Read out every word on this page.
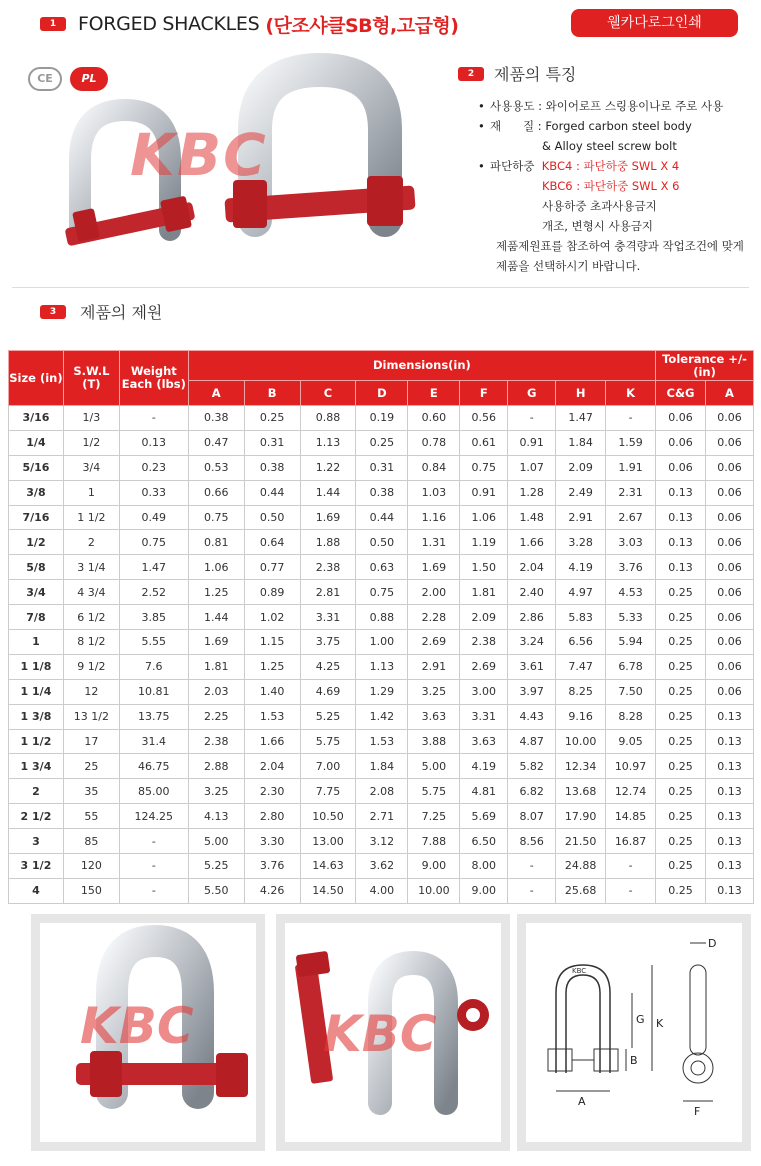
1	FORGED SHACKLES (단조샤클SB형,고급형)	웰카다로그인쇄
CE	PL
KBC
2	제품의 특징
• 사용용도 :
와이어로프 스링용이나로 주로 사용
• 재      질 :
Forged carbon steel body
& Alloy steel screw bolt
• 파단하중
KBC4 : 파단하중 SWL X 4
KBC6 : 파단하중 SWL X 6
사용하중 초과사용금지
개조, 변형시 사용금지
제품제원표를 참조하여 충격량과 작업조건에 맞게
제품을 선택하시기 바랍니다.
3	제품의 제원
Size (in)	S.W.L (T)	Weight Each (lbs)	Dimensions(in)									Tolerance +/- (in)	
			A	B	C	D	E	F	G	H	K	C&G	A
3/16	1/3	-	0.38	0.25	0.88	0.19	0.60	0.56	-	1.47	-	0.06	0.06
1/4	1/2	0.13	0.47	0.31	1.13	0.25	0.78	0.61	0.91	1.84	1.59	0.06	0.06
5/16	3/4	0.23	0.53	0.38	1.22	0.31	0.84	0.75	1.07	2.09	1.91	0.06	0.06
3/8	1	0.33	0.66	0.44	1.44	0.38	1.03	0.91	1.28	2.49	2.31	0.13	0.06
7/16	1 1/2	0.49	0.75	0.50	1.69	0.44	1.16	1.06	1.48	2.91	2.67	0.13	0.06
1/2	2	0.75	0.81	0.64	1.88	0.50	1.31	1.19	1.66	3.28	3.03	0.13	0.06
5/8	3 1/4	1.47	1.06	0.77	2.38	0.63	1.69	1.50	2.04	4.19	3.76	0.13	0.06
3/4	4 3/4	2.52	1.25	0.89	2.81	0.75	2.00	1.81	2.40	4.97	4.53	0.25	0.06
7/8	6 1/2	3.85	1.44	1.02	3.31	0.88	2.28	2.09	2.86	5.83	5.33	0.25	0.06
1	8 1/2	5.55	1.69	1.15	3.75	1.00	2.69	2.38	3.24	6.56	5.94	0.25	0.06
1 1/8	9 1/2	7.6	1.81	1.25	4.25	1.13	2.91	2.69	3.61	7.47	6.78	0.25	0.06
1 1/4	12	10.81	2.03	1.40	4.69	1.29	3.25	3.00	3.97	8.25	7.50	0.25	0.06
1 3/8	13 1/2	13.75	2.25	1.53	5.25	1.42	3.63	3.31	4.43	9.16	8.28	0.25	0.13
1 1/2	17	31.4	2.38	1.66	5.75	1.53	3.88	3.63	4.87	10.00	9.05	0.25	0.13
1 3/4	25	46.75	2.88	2.04	7.00	1.84	5.00	4.19	5.82	12.34	10.97	0.25	0.13
2	35	85.00	3.25	2.30	7.75	2.08	5.75	4.81	6.82	13.68	12.74	0.25	0.13
2 1/2	55	124.25	4.13	2.80	10.50	2.71	7.25	5.69	8.07	17.90	14.85	0.25	0.13
3	85	-	5.00	3.30	13.00	3.12	7.88	6.50	8.56	21.50	16.87	0.25	0.13
3 1/2	120	-	5.25	3.76	14.63	3.62	9.00	8.00	-	24.88	-	0.25	0.13
4	150	-	5.50	4.26	14.50	4.00	10.00	9.00	-	25.68	-	0.25	0.13
KBC	KBC
KBC
A
B
G K
D
F
